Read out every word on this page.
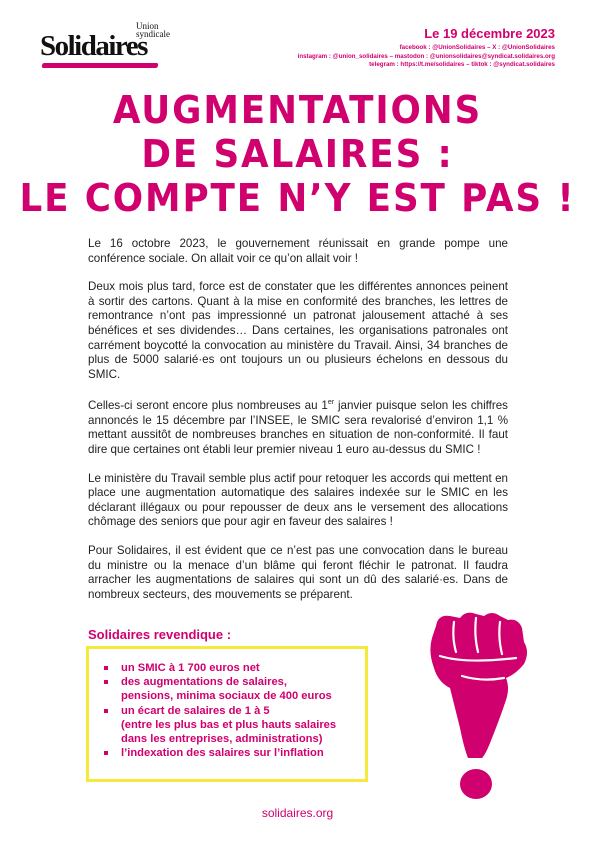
Union
syndicale
Solidaires	Le 19 décembre 2023
facebook : @UnionSolidaires – X : @UnionSolidaires
instagram : @union_solidaires – mastodon : @unionsolidaires@syndicat.solidaires.org
telegram : https://t.me/solidaires – tiktok : @syndicat.solidaires
AUGMENTATIONS
DE SALAIRES :
LE COMPTE N’Y EST PAS !

Le 16 octobre 2023, le gouvernement réunissait en grande pompe une conférence sociale. On allait voir ce qu’on allait voir !

Deux mois plus tard, force est de constater que les différentes annonces peinent à sortir des cartons. Quant à la mise en conformité des branches, les lettres de remontrance n’ont pas impressionné un patronat jalousement attaché à ses bénéfices et ses dividendes… Dans certaines, les organisations patronales ont carrément boycotté la convocation au ministère du Travail. Ainsi, 34 branches de plus de 5000 salarié·es ont toujours un ou plusieurs échelons en dessous du SMIC.

Celles-ci seront encore plus nombreuses au 1er janvier puisque selon les chiffres annoncés le 15 décembre par l’INSEE, le SMIC sera revalorisé d’environ 1,1 % mettant aussitôt de nombreuses branches en situation de non-conformité. Il faut dire que certaines ont établi leur premier niveau 1 euro au-dessus du SMIC !

Le ministère du Travail semble plus actif pour retoquer les accords qui mettent en place une augmentation automatique des salaires indexée sur le SMIC en les déclarant illégaux ou pour repousser de deux ans le versement des allocations chômage des seniors que pour agir en faveur des salaires !

Pour Solidaires, il est évident que ce n’est pas une convocation dans le bureau du ministre ou la menace d’un blâme qui feront fléchir le patronat. Il faudra arracher les augmentations de salaires qui sont un dû des salarié·es. Dans de nombreux secteurs, des mouvements se préparent.

Solidaires revendique :
un SMIC à 1 700 euros net
des augmentations de salaires,
pensions, minima sociaux de 400 euros
un écart de salaires de 1 à 5
(entre les plus bas et plus hauts salaires
dans les entreprises, administrations)
l’indexation des salaires sur l’inflation
solidaires.org
